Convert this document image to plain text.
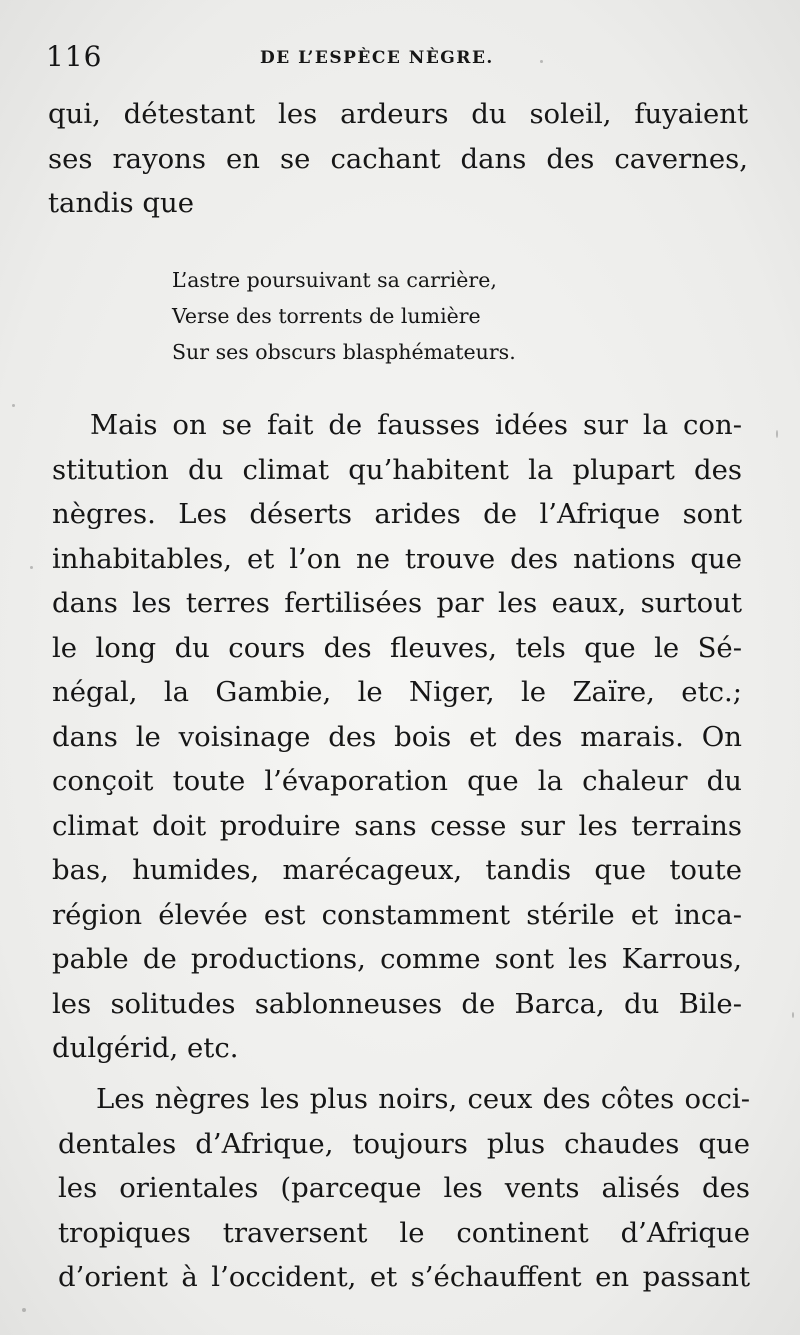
116	DE L’ESPÈCE NÈGRE.

qui, détestant les ardeurs du soleil, fuyaient
ses rayons en se cachant dans des cavernes,
tandis que

L’astre poursuivant sa carrière,
Verse des torrents de lumière
Sur ses obscurs blasphémateurs.

Mais on se fait de fausses idées sur la con-
stitution du climat qu’habitent la plupart des
nègres. Les déserts arides de l’Afrique sont
inhabitables, et l’on ne trouve des nations que
dans les terres fertilisées par les eaux, surtout
le long du cours des fleuves, tels que le Sé-
négal, la Gambie, le Niger, le Zaïre, etc.;
dans le voisinage des bois et des marais. On
conçoit toute l’évaporation que la chaleur du
climat doit produire sans cesse sur les terrains
bas, humides, marécageux, tandis que toute
région élevée est constamment stérile et inca-
pable de productions, comme sont les Karrous,
les solitudes sablonneuses de Barca, du Bile-
dulgérid, etc.

Les nègres les plus noirs, ceux des côtes occi-
dentales d’Afrique, toujours plus chaudes que
les orientales (parceque les vents alisés des
tropiques traversent le continent d’Afrique
d’orient à l’occident, et s’échauffent en passant
